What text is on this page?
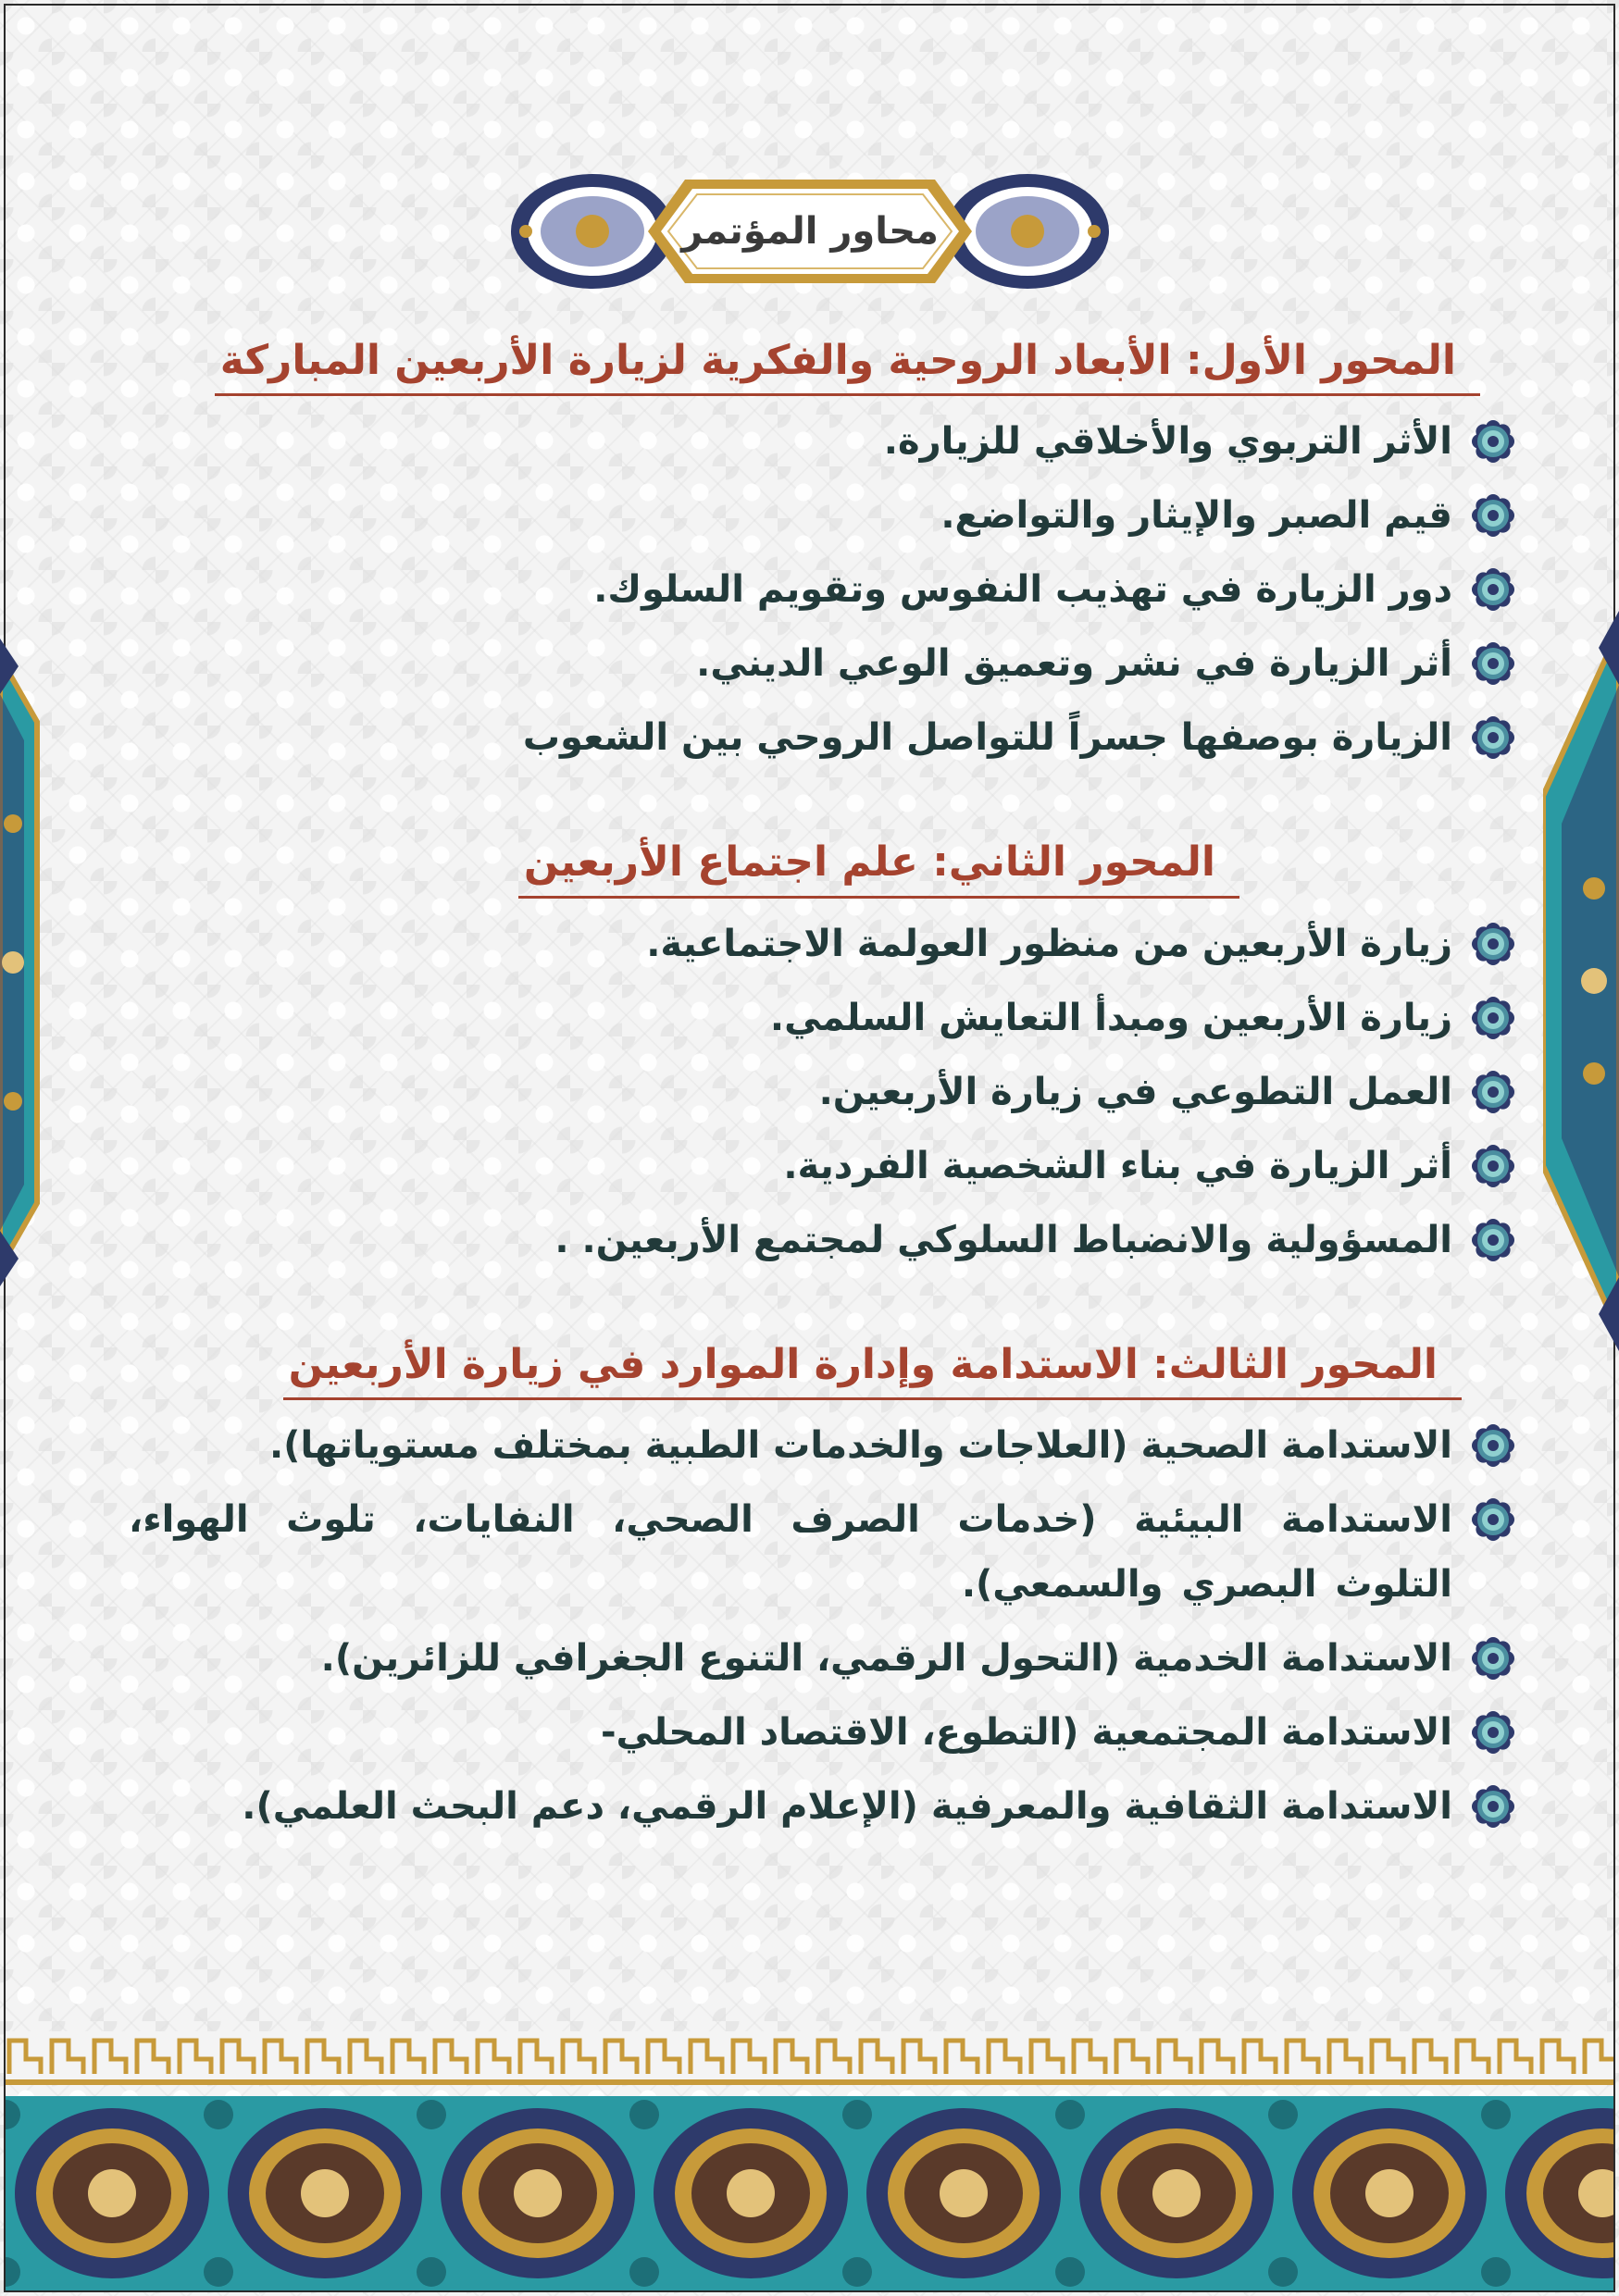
محاور المؤتمر
المحور الأول: الأبعاد الروحية والفكرية لزيارة الأربعين المباركة
الأثر التربوي والأخلاقي للزيارة.
قيم الصبر والإيثار والتواضع.
دور الزيارة في تهذيب النفوس وتقويم السلوك.
أثر الزيارة في نشر وتعميق الوعي الديني.
الزيارة بوصفها جسراً للتواصل الروحي بين الشعوب
المحور الثاني: علم اجتماع الأربعين
زيارة الأربعين من منظور العولمة الاجتماعية.
زيارة الأربعين ومبدأ التعايش السلمي.
العمل التطوعي في زيارة الأربعين.
أثر الزيارة في بناء الشخصية الفردية.
المسؤولية والانضباط السلوكي لمجتمع الأربعين. .
المحور الثالث: الاستدامة وإدارة الموارد في زيارة الأربعين
الاستدامة الصحية (العلاجات والخدمات الطبية بمختلف مستوياتها).
الاستدامة البيئية (خدمات الصرف الصحي، النفايات، تلوث الهواء، التلوث البصري والسمعي).
الاستدامة الخدمية (التحول الرقمي، التنوع الجغرافي للزائرين).
الاستدامة المجتمعية (التطوع، الاقتصاد المحلي-
الاستدامة الثقافية والمعرفية (الإعلام الرقمي، دعم البحث العلمي).
